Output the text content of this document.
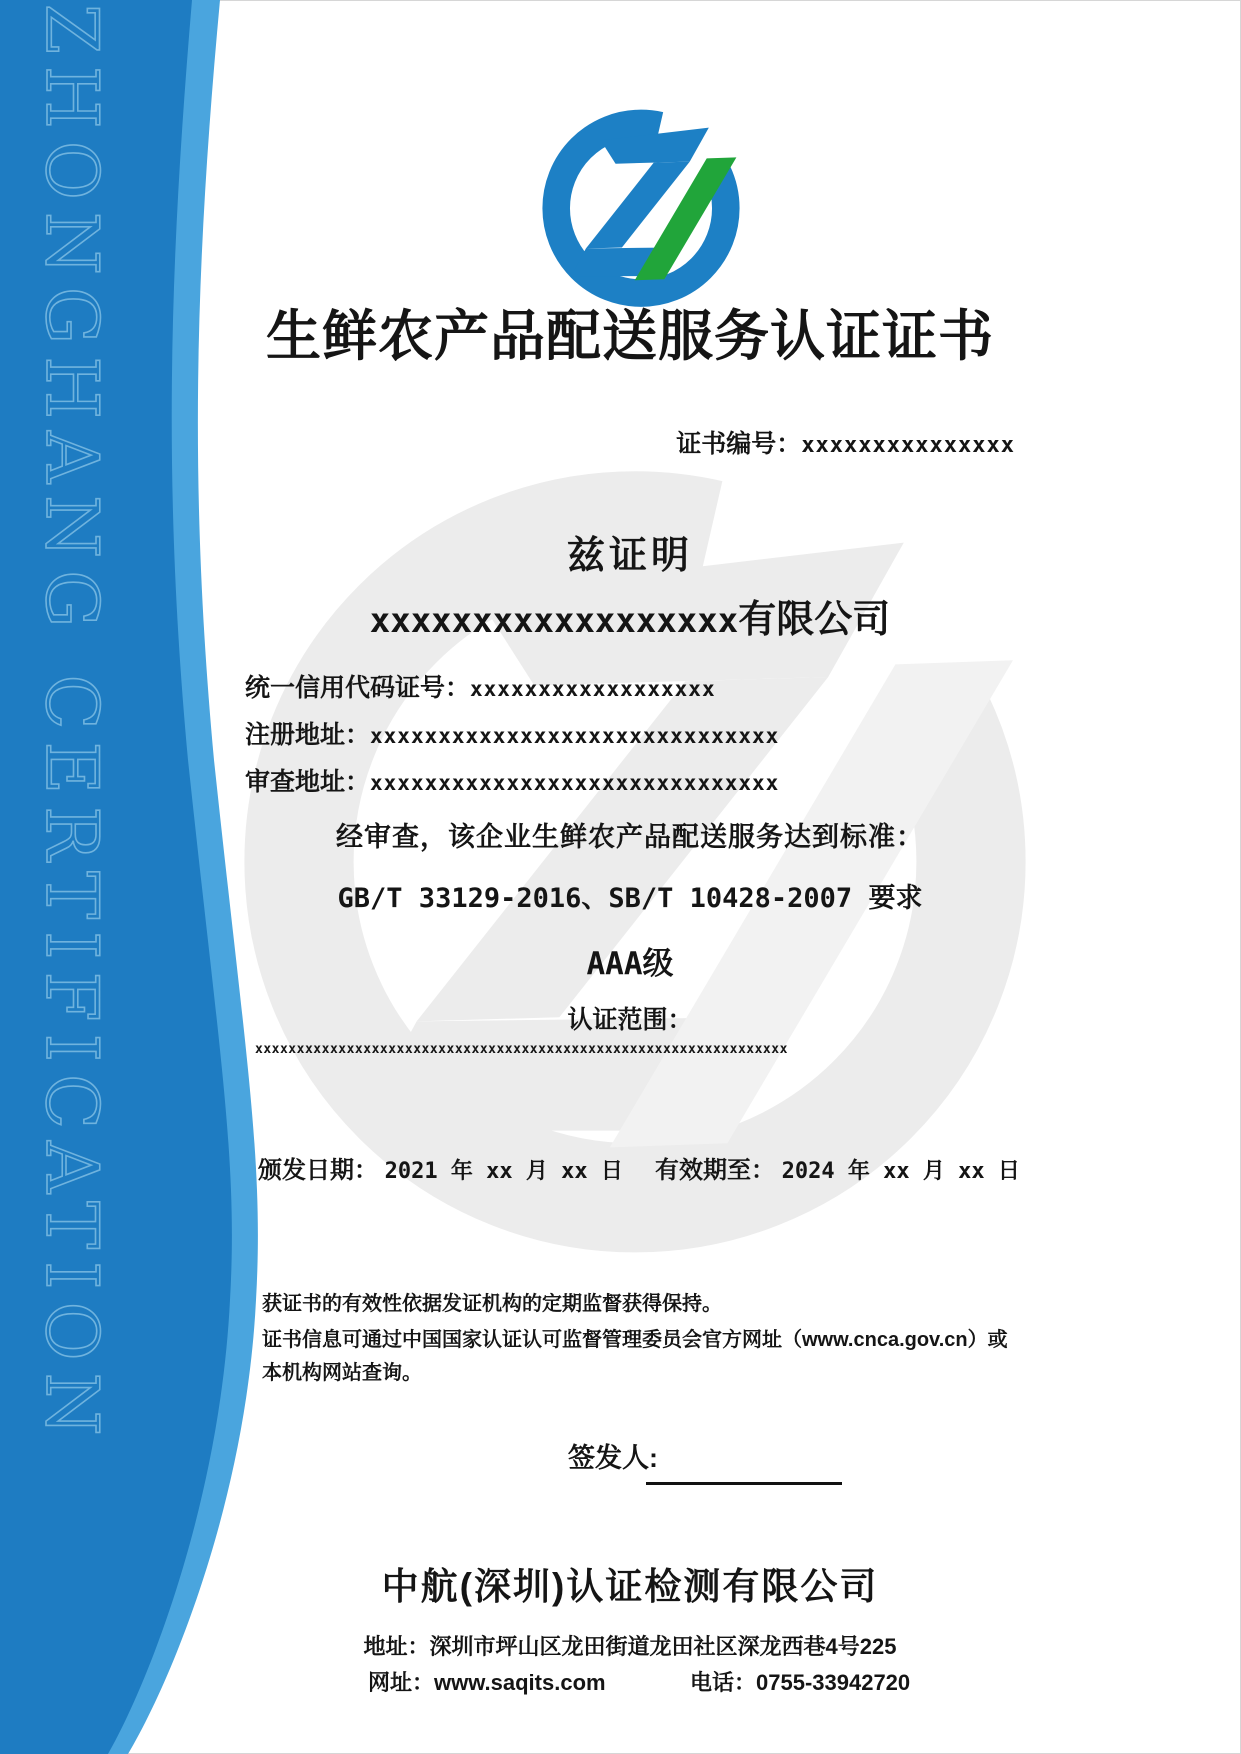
ZHONGHANG CERTIFICATION	生鲜农产品配送服务认证证书
证书编号：xxxxxxxxxxxxxxx
兹证明
xxxxxxxxxxxxxxxxxx有限公司
统一信用代码证号：xxxxxxxxxxxxxxxxxx
注册地址：xxxxxxxxxxxxxxxxxxxxxxxxxxxxxx
审查地址：xxxxxxxxxxxxxxxxxxxxxxxxxxxxxx
经审查，该企业生鲜农产品配送服务达到标准：
GB/T 33129-2016、SB/T 10428-2007 要求
AAA级
认证范围：
xxxxxxxxxxxxxxxxxxxxxxxxxxxxxxxxxxxxxxxxxxxxxxxxxxxxxxxxxxxxxxxx
颁发日期： 2021 年 xx 月 xx 日 有效期至： 2024 年 xx 月 xx 日

获证书的有效性依据发证机构的定期监督获得保持。

证书信息可通过中国国家认证认可监督管理委员会官方网址（www.cnca.gov.cn）或本机构网站查询。

签发人:
中航(深圳)认证检测有限公司
地址：深圳市坪山区龙田街道龙田社区深龙西巷4号225
网址：www.saqits.com	电话：0755-33942720
